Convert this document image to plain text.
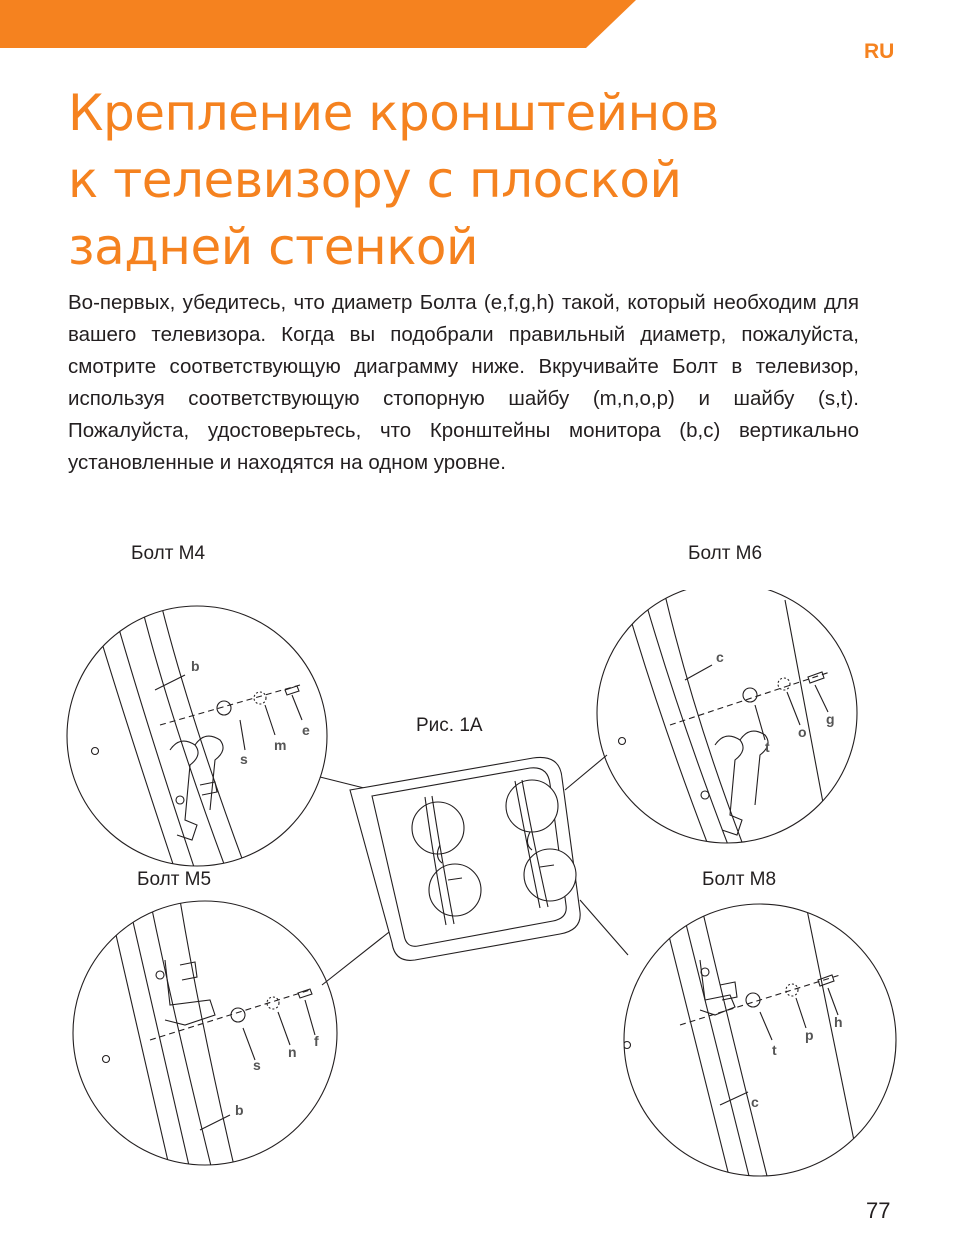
RU
Крепление кронштейнов
к телевизору с плоской
задней стенкой

Во-первых, убедитесь, что диаметр Болта (e,f,g,h) такой, который необходим для вашего телевизора. Когда вы подобрали правильный диаметр, пожалуйста, смотрите соответствующую диаграмму ниже. Вкручивайте Болт в телевизор, используя соответствующую стопорную шайбу (m,n,o,p) и шайбу (s,t). Пожалуйста, удостоверьтесь, что Кронштейны монитора (b,c) вертикально установленные и находятся на одном уровне.

Болт M4	Болт M6
Рис. 1A
Болт M5	Болт M8
b
s
m
e
c
t
o
g
s
n
f
b
t
p
h
c
77
